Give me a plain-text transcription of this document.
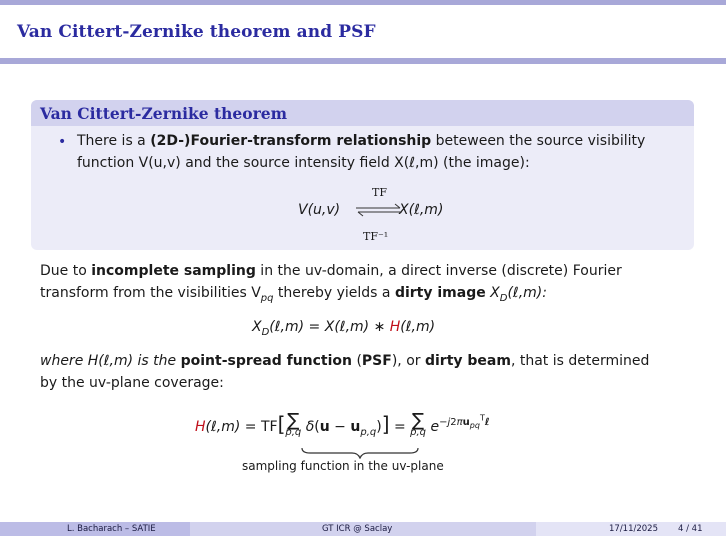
Van Cittert-Zernike theorem and PSF
Van Cittert-Zernike theorem
• There is a (2D-)Fourier-transform relationship beteween the source visibility
function V(u,v) and the source intensity field X(ℓ,m) (the image):
V(u,v)	X(ℓ,m)
TF
TF⁻¹
Due to incomplete sampling in the uv-domain, a direct inverse (discrete) Fourier
transform from the visibilities $V_{pq}$ thereby yields a dirty image $X_D(\ell,m)$:
$X_D(\ell,m)$ = X(ℓ,m) ∗ H(ℓ,m)
where H(ℓ,m) is the point-spread function (PSF), or dirty beam, that is determined
by the uv-plane coverage:
H(ℓ,m) = TF[ ∑
p,q $\delta(u - u_{p,q})$] = ∑
p,q $e^{-j2\pi u_{pq}^T\ell}$
sampling function in the uv-plane
L. Bacharach – SATIE	GT ICR @ Saclay	17/11/2025 4 / 41
